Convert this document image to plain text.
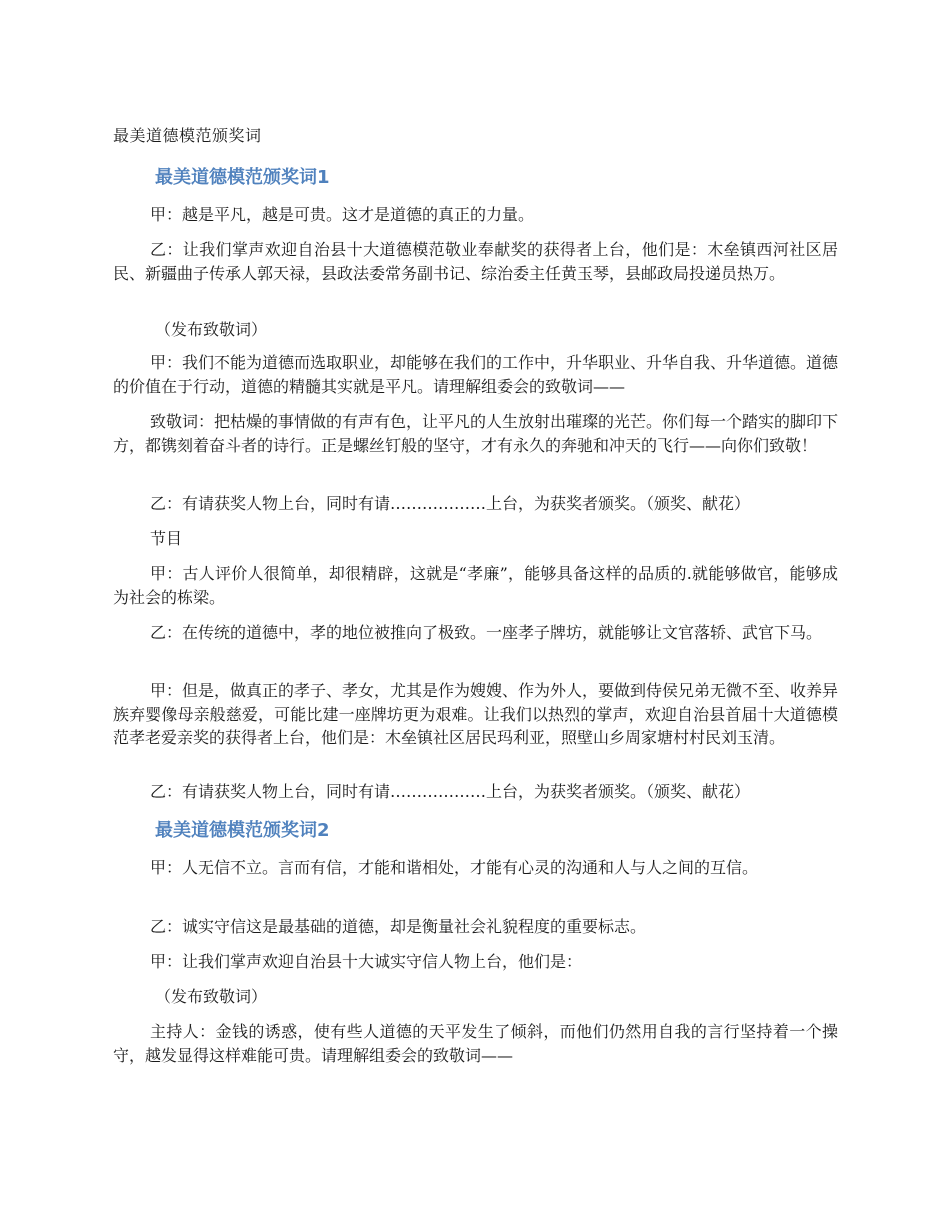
最美道德模范颁奖词
最美道德模范颁奖词1

甲：越是平凡，越是可贵。这才是道德的真正的力量。

乙：让我们掌声欢迎自治县十大道德模范敬业奉献奖的获得者上台，他们是：木垒镇西河社区居民、新疆曲子传承人郭天禄，县政法委常务副书记、综治委主任黄玉琴，县邮政局投递员热万。

（发布致敬词）

甲：我们不能为道德而选取职业，却能够在我们的工作中，升华职业、升华自我、升华道德。道德的价值在于行动，道德的精髓其实就是平凡。请理解组委会的致敬词——

致敬词：把枯燥的事情做的有声有色，让平凡的人生放射出璀璨的光芒。你们每一个踏实的脚印下方，都镌刻着奋斗者的诗行。正是螺丝钉般的坚守，才有永久的奔驰和冲天的飞行——向你们致敬！

乙：有请获奖人物上台，同时有请………………上台，为获奖者颁奖。（颁奖、献花）

节目

甲：古人评价人很简单，却很精辟，这就是“孝廉”，能够具备这样的品质的.就能够做官，能够成为社会的栋梁。

乙：在传统的道德中，孝的地位被推向了极致。一座孝子牌坊，就能够让文官落轿、武官下马。

甲：但是，做真正的孝子、孝女，尤其是作为嫂嫂、作为外人，要做到侍侯兄弟无微不至、收养异族弃婴像母亲般慈爱，可能比建一座牌坊更为艰难。让我们以热烈的掌声，欢迎自治县首届十大道德模范孝老爱亲奖的获得者上台，他们是：木垒镇社区居民玛利亚，照壁山乡周家塘村村民刘玉清。

乙：有请获奖人物上台，同时有请………………上台，为获奖者颁奖。（颁奖、献花）

最美道德模范颁奖词2

甲：人无信不立。言而有信，才能和谐相处，才能有心灵的沟通和人与人之间的互信。

乙：诚实守信这是最基础的道德，却是衡量社会礼貌程度的重要标志。

甲：让我们掌声欢迎自治县十大诚实守信人物上台，他们是：

（发布致敬词）

主持人：金钱的诱惑，使有些人道德的天平发生了倾斜，而他们仍然用自我的言行坚持着一个操守，越发显得这样难能可贵。请理解组委会的致敬词——
